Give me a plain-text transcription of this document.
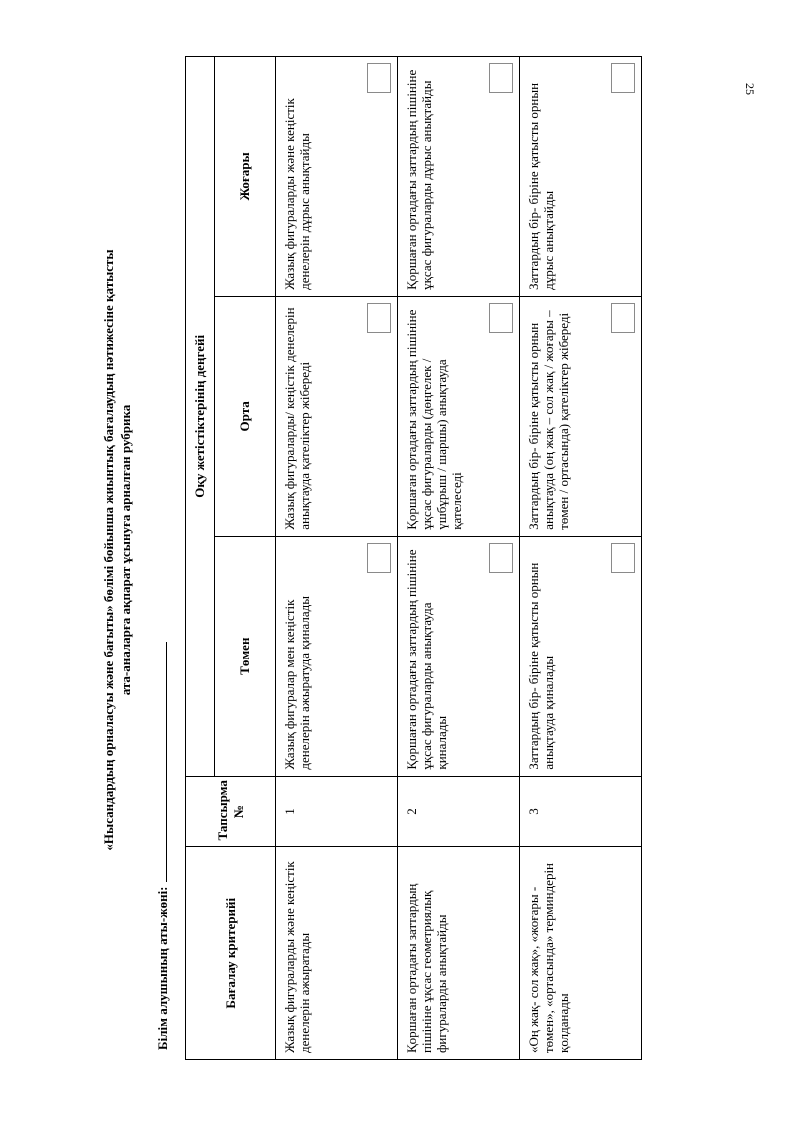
25
«Нысандардың орналасуы және бағыты» бөлімі бойынша жиынтық бағалаудың нәтижесіне қатысты ата-аналарға ақпарат ұсынуға арналған рубрика
Білім алушының аты-жөні:	Бағалау критерийі	Тапсырма №	Оқу жетістіктерінің деңгейі		
		Төмен	Орта	Жоғары

Жазық фигураларды және кеңістік денелерін ажыратады	1	Жазық фигуралар мен кеңістік денелерін ажыратуда қиналады	Жазық фигураларды/ кеңістік денелерін анықтауда қателіктер жібереді	Жазық фигураларды және кеңістік денелерін дұрыс анықтайды

Қоршаған ортадағы заттардың пішініне ұқсас геометриялық фигураларды анықтайды	2	Қоршаған ортадағы заттардың пішініне ұқсас фигураларды анықтауда қиналады	Қоршаған ортадағы заттардың пішініне ұқсас фигураларды (дөңгелек / үшбұрыш / шаршы) анықтауда қателеседі	Қоршаған ортадағы заттардың пішініне ұқсас фигураларды дұрыс анықтайды

«Оң жақ- сол жақ», «жоғары - төмен», «ортасында» терминдерін қолданады	3	Заттардың бір- біріне қатысты орнын анықтауда қиналады	Заттардың бір- біріне қатысты орнын анықтауда (оң жақ – сол жақ / жоғары – төмен / ортасында) қателіктер жібереді	Заттардың бір- біріне қатысты орнын дұрыс анықтайды
